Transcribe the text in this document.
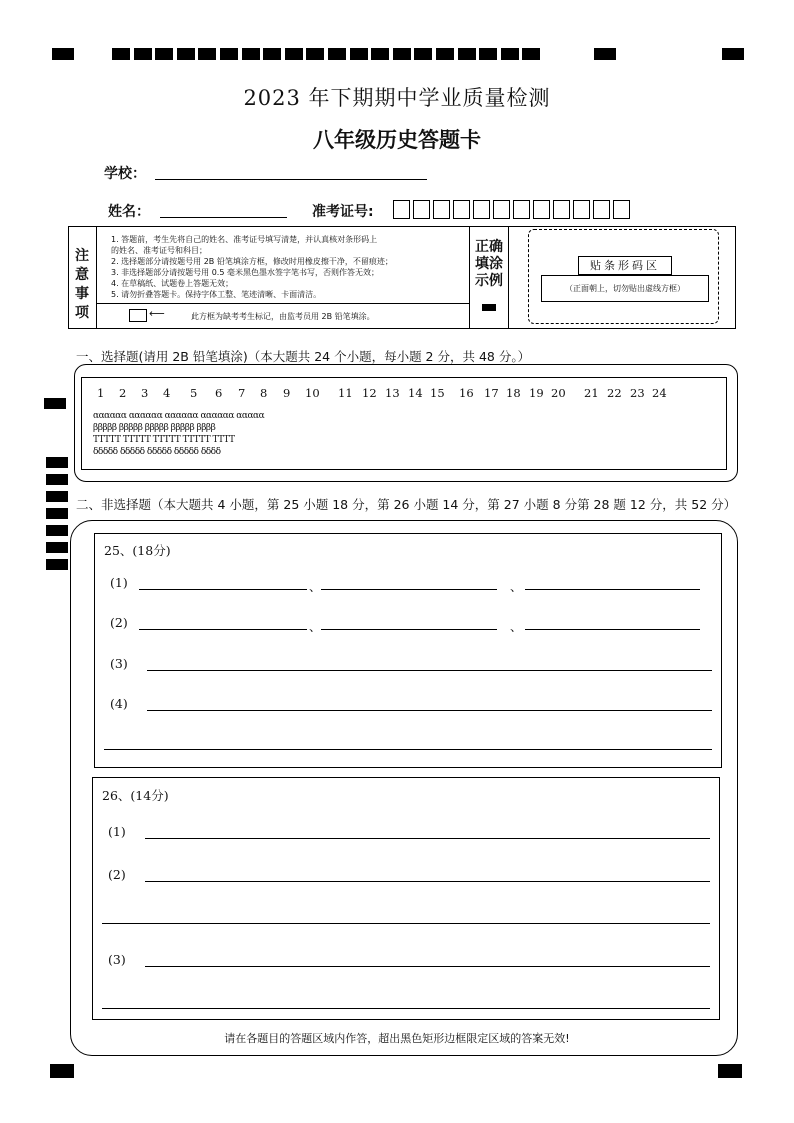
2023 年下期期中学业质量检测
八年级历史答题卡
学校：
姓名：	准考证号:
注
意
事
项
1. 答题前，考生先将自己的姓名、准考证号填写清楚，并认真核对条形码上
的姓名、准考证号和科目；
2. 选择题部分请按题号用 2B 铅笔填涂方框，修改时用橡皮擦干净，不留痕迹；
3. 非选择题部分请按题号用 0.5 毫米黑色墨水签字笔书写，否则作答无效；
4. 在草稿纸、试题卷上答题无效；
5. 请勿折叠答题卡。保持字体工整、笔迹清晰、卡面清洁。
⟵	此方框为缺考考生标记，由监考员用 2B 铅笔填涂。
正确
填涂
示例
贴条形码区
（正面朝上，切勿贴出虚线方框）
一、选择题(请用 2B 铅笔填涂)（本大题共 24 个小题，每小题 2 分，共 48 分。）
1 2 3 4 5 6 7 8 9 10 11 12 13 14 15 16 17 18 19 20 21 22 23 24
αααααα αααααα αααααα αααααα ααααα
βββββ βββββ βββββ βββββ ββββ
ΤΤΤΤΤ ΤΤΤΤΤ ΤΤΤΤΤ ΤΤΤΤΤ ΤΤΤΤ
δδδδδ δδδδδ δδδδδ δδδδδ δδδδ
二、非选择题（本大题共 4 小题，第 25 小题 18 分，第 26 小题 14 分，第 27 小题 8 分第 28 题 12 分，共 52 分）
25、(18分)
(1)	、	、
(2)	、	、
(3)
(4)
26、(14分)
(1)
(2)
(3)
请在各题目的答题区域内作答，超出黑色矩形边框限定区域的答案无效!
